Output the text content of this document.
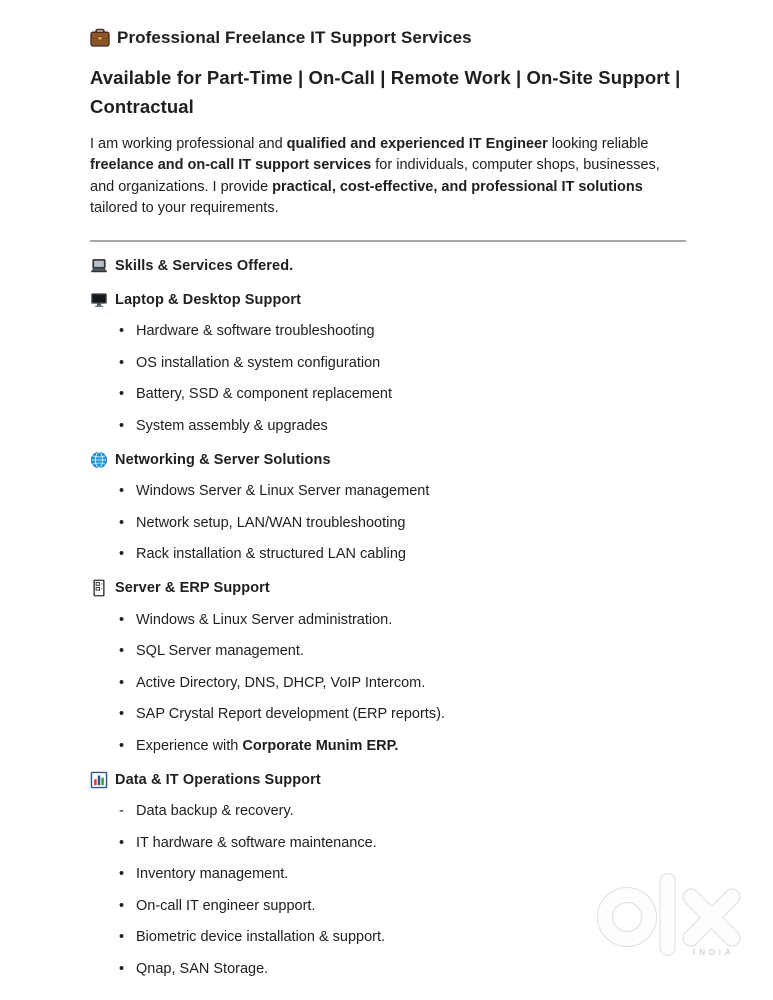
Professional Freelance IT Support Services
Available for Part-Time | On-Call | Remote Work | On-Site Support | Contractual

I am working professional and qualified and experienced IT Engineer looking reliable freelance and on-call IT support services for individuals, computer shops, businesses, and organizations. I provide practical, cost-effective, and professional IT solutions tailored to your requirements.

Skills & Services Offered.
Laptop & Desktop Support
• Hardware & software troubleshooting
• OS installation & system configuration
• Battery, SSD & component replacement
• System assembly & upgrades
Networking & Server Solutions
• Windows Server & Linux Server management
• Network setup, LAN/WAN troubleshooting
• Rack installation & structured LAN cabling
Server & ERP Support
• Windows & Linux Server administration.
• SQL Server management.
• Active Directory, DNS, DHCP, VoIP Intercom.
• SAP Crystal Report development (ERP reports).
• Experience with Corporate Munim ERP.
Data & IT Operations Support
- Data backup & recovery.
• IT hardware & software maintenance.
• Inventory management.
• On-call IT engineer support.
• Biometric device installation & support.
• Qnap, SAN Storage.
INDIA
